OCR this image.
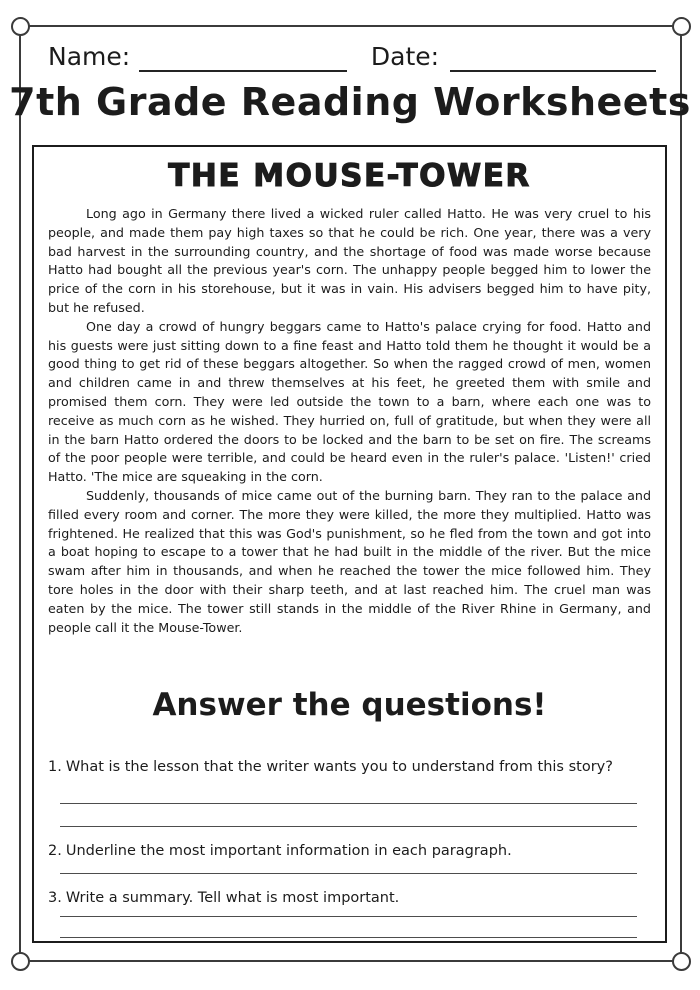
Name:	Date:
7th Grade Reading Worksheets
THE MOUSE-TOWER

Long ago in Germany there lived a wicked ruler called Hatto. He was very cruel to his people, and made them pay high taxes so that he could be rich. One year, there was a very bad harvest in the surrounding country, and the shortage of food was made worse because Hatto had bought all the previous year's corn. The unhappy people begged him to lower the price of the corn in his storehouse, but it was in vain. His advisers begged him to have pity, but he refused.

One day a crowd of hungry beggars came to Hatto's palace crying for food. Hatto and his guests were just sitting down to a fine feast and Hatto told them he thought it would be a good thing to get rid of these beggars altogether. So when the ragged crowd of men, women and children came in and threw themselves at his feet, he greeted them with smile and promised them corn. They were led outside the town to a barn, where each one was to receive as much corn as he wished. They hurried on, full of gratitude, but when they were all in the barn Hatto ordered the doors to be locked and the barn to be set on fire. The screams of the poor people were terrible, and could be heard even in the ruler's palace. 'Listen!' cried Hatto. 'The mice are squeaking in the corn.

Suddenly, thousands of mice came out of the burning barn. They ran to the palace and filled every room and corner. The more they were killed, the more they multiplied. Hatto was frightened. He realized that this was God's punishment, so he fled from the town and got into a boat hoping to escape to a tower that he had built in the middle of the river. But the mice swam after him in thousands, and when he reached the tower the mice followed him. They tore holes in the door with their sharp teeth, and at last reached him. The cruel man was eaten by the mice. The tower still stands in the middle of the River Rhine in Germany, and people call it the Mouse-Tower.

Answer the questions!
1. What is the lesson that the writer wants you to understand from this story?
2. Underline the most important information in each paragraph.
3. Write a summary. Tell what is most important.
